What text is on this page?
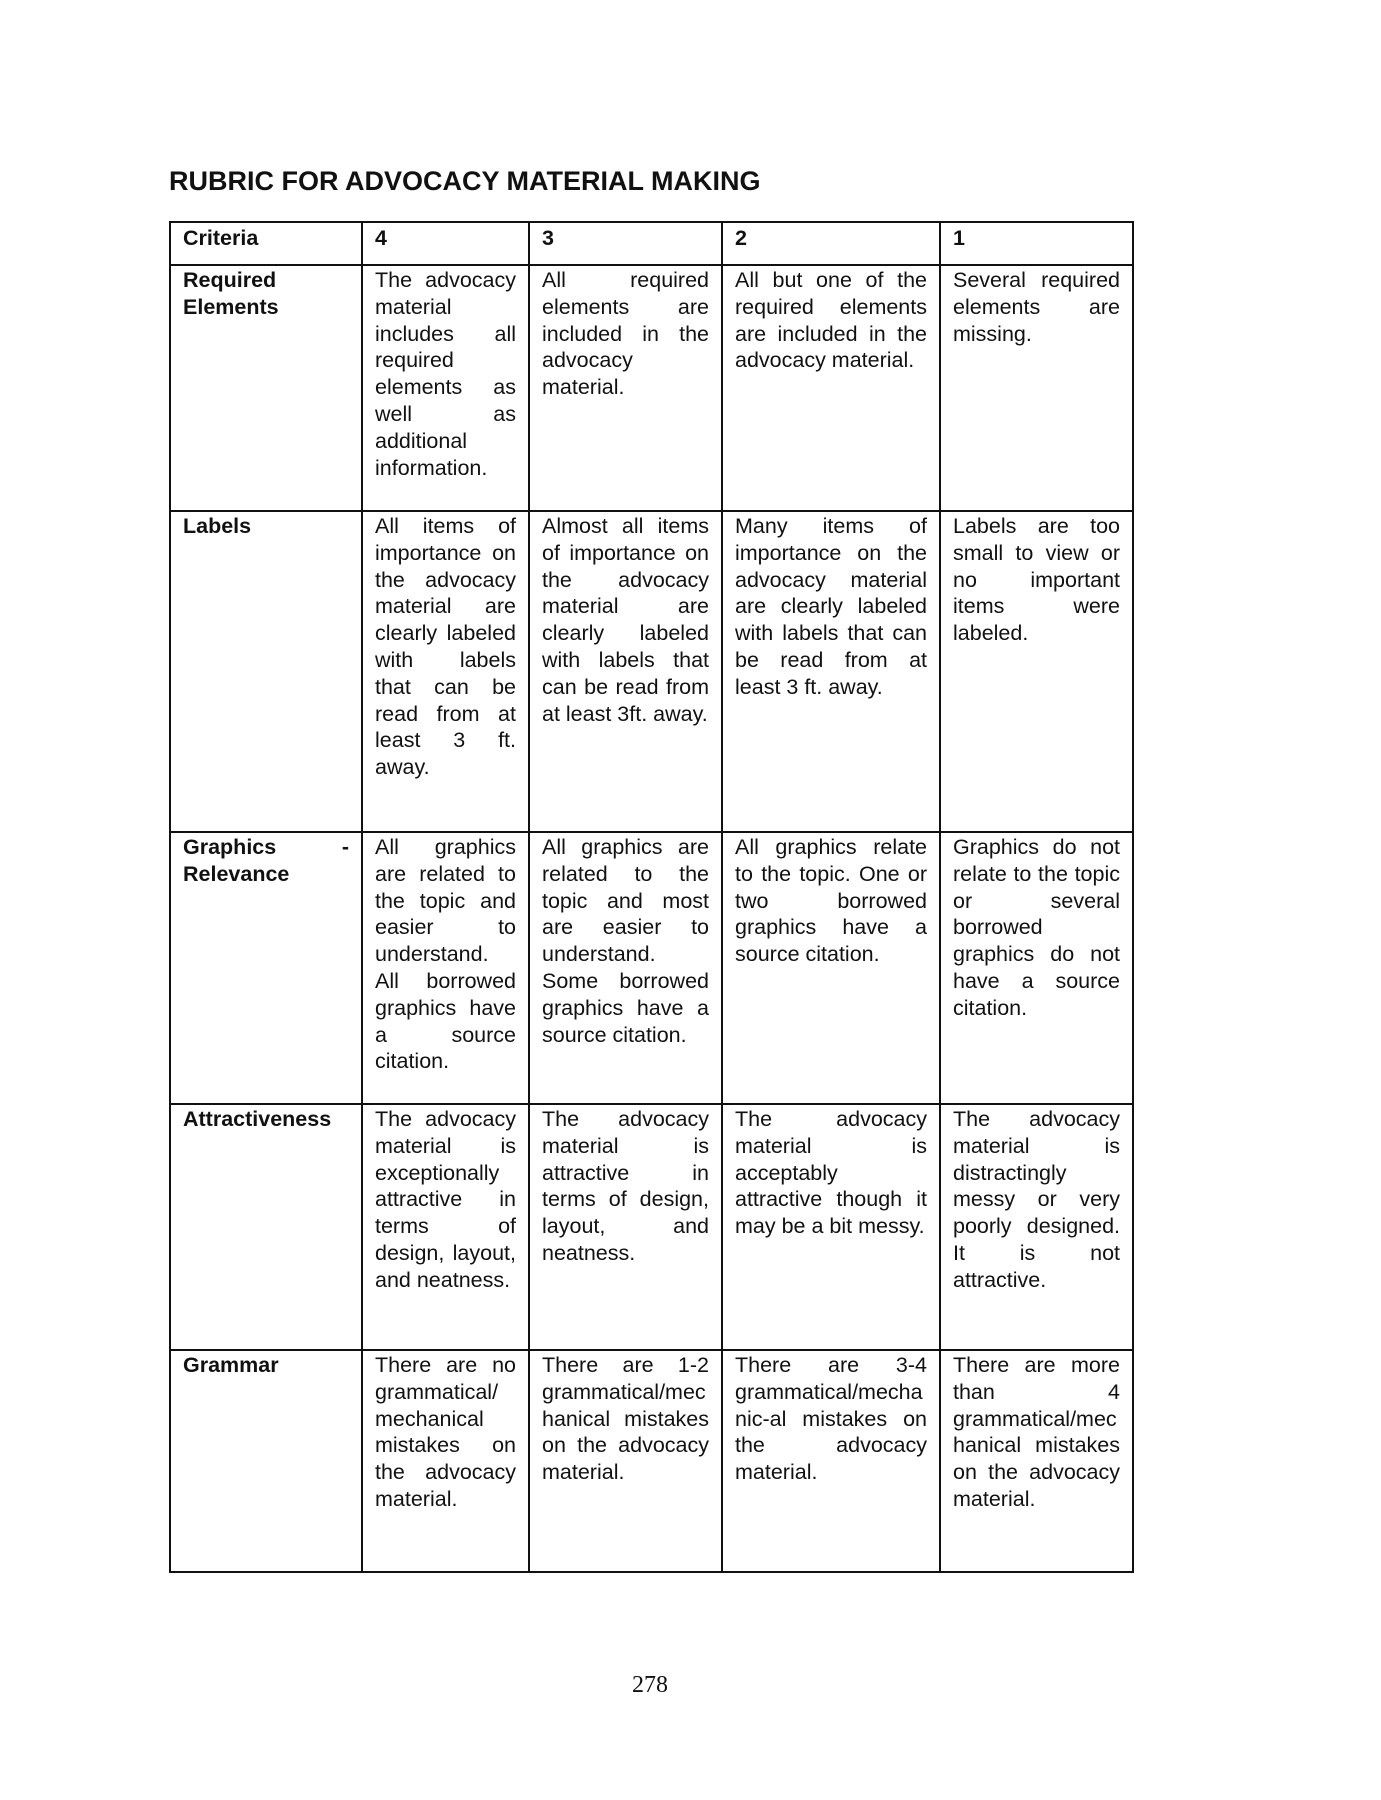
RUBRIC FOR ADVOCACY MATERIAL MAKING
Criteria	4	3	2	1
Required Elements	The advocacy material includes all required elements as well as additional information.	All required elements are included in the advocacy material.	All but one of the required elements are included in the advocacy material.	Several required elements are missing.
Labels	All items of importance on the advocacy material are clearly labeled with labels that can be read from at least 3 ft. away.	Almost all items of importance on the advocacy material are clearly labeled with labels that can be read from at least 3ft. away.	Many items of importance on the advocacy material are clearly labeled with labels that can be read from at least 3 ft. away.	Labels are too small to view or no important items were labeled.
Graphics - Relevance	All graphics are related to the topic and easier to understand. All borrowed graphics have a source citation.	All graphics are related to the topic and most are easier to understand. Some borrowed graphics have a source citation.	All graphics relate to the topic. One or two borrowed graphics have a source citation.	Graphics do not relate to the topic or several borrowed graphics do not have a source citation.
Attractiveness	The advocacy material is exceptionally attractive in terms of design, layout, and neatness.	The advocacy material is attractive in terms of design, layout, and neatness.	The advocacy material is acceptably attractive though it may be a bit messy.	The advocacy material is distractingly messy or very poorly designed. It is not attractive.
Grammar	There are no grammatical/ mechanical mistakes on the advocacy material.	There are 1-2 grammatical/mechanical mistakes on the advocacy material.	There are 3-4 grammatical/mechanic-al mistakes on the advocacy material.	There are more than 4 grammatical/mechanical mistakes on the advocacy material.
278
